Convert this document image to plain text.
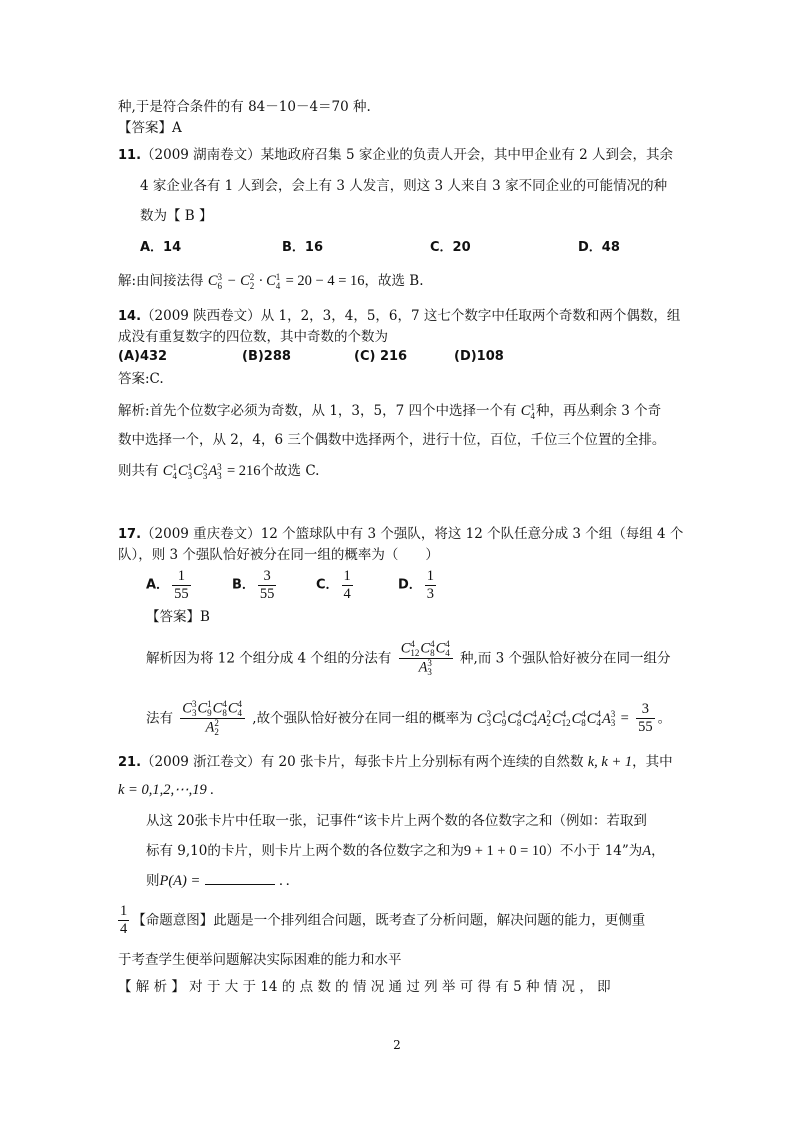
种,于是符合条件的有 84－10－4＝70 种.
【答案】A
11.（2009 湖南卷文）某地政府召集 5 家企业的负责人开会，其中甲企业有 2 人到会，其余
4 家企业各有 1 人到会，会上有 3 人发言，则这 3 人来自 3 家不同企业的可能情况的种
数为【 B 】
A．14	B．16	C．20	D．48
解:由间接法得 C 3
6 − C 2
2 · C 1
4 = 20 − 4 = 16，故选 B.
14.（2009 陕西卷文）从 1，2，3，4，5，6，7 这七个数字中任取两个奇数和两个偶数，组
成没有重复数字的四位数，其中奇数的个数为
(A)432	(B)288	(C) 216	(D)108
答案:C.
解析:首先个位数字必须为奇数，从 1，3，5，7 四个中选择一个有 C 1
4 种，再丛剩余 3 个奇
数中选择一个，从 2，4，6 三个偶数中选择两个，进行十位，百位，千位三个位置的全排。
则共有 C 1
4 C 1
3 C 2
3 A 3
3 = 216个故选 C.
17.（2009 重庆卷文）12 个篮球队中有 3 个强队，将这 12 个队任意分成 3 个组（每组 4 个
队），则 3 个强队恰好被分在同一组的概率为（　　）
A． $\frac{1}{55}$	B． $\frac{3}{55}$	C． $\frac{1}{4}$	D． $\frac{1}{3}$
【答案】B
解析因为将 12 个组分成 4 个组的分法有 C 4
12 C 4
8 C 4
4
A 3
3 种,而 3 个强队恰好被分在同一组分
法有 C 3
3 C 1
9 C 4
8 C 4
4
A 2
2 ,故个强队恰好被分在同一组的概率为 C 3
3 C 1
9 C 4
8 C 4
4 A 2
2 C 4
12 C 4
8 C 4
4 A 3
$3 = \frac{3}{55}$ 。
21.（2009 浙江卷文）有 20 张卡片，每张卡片上分别标有两个连续的自然数 k, k + 1，其中
k = 0,1,2,⋯,19 .
从这 20张卡片中任取一张，记事件“该卡片上两个数的各位数字之和（例如：若取到
标有 9,10的卡片，则卡片上两个数的各位数字之和为9 + 1 + 0 = 10）不小于 14”为A，
则P(A) =	．．
$\frac{1}{4}$ 【命题意图】此题是一个排列组合问题，既考查了分析问题，解决问题的能力，更侧重
于考查学生便举问题解决实际困难的能力和水平
【 解 析 】 对 于 大 于 14 的 点 数 的 情 况 通 过 列 举 可 得 有 5 种 情 况 ， 即
2
